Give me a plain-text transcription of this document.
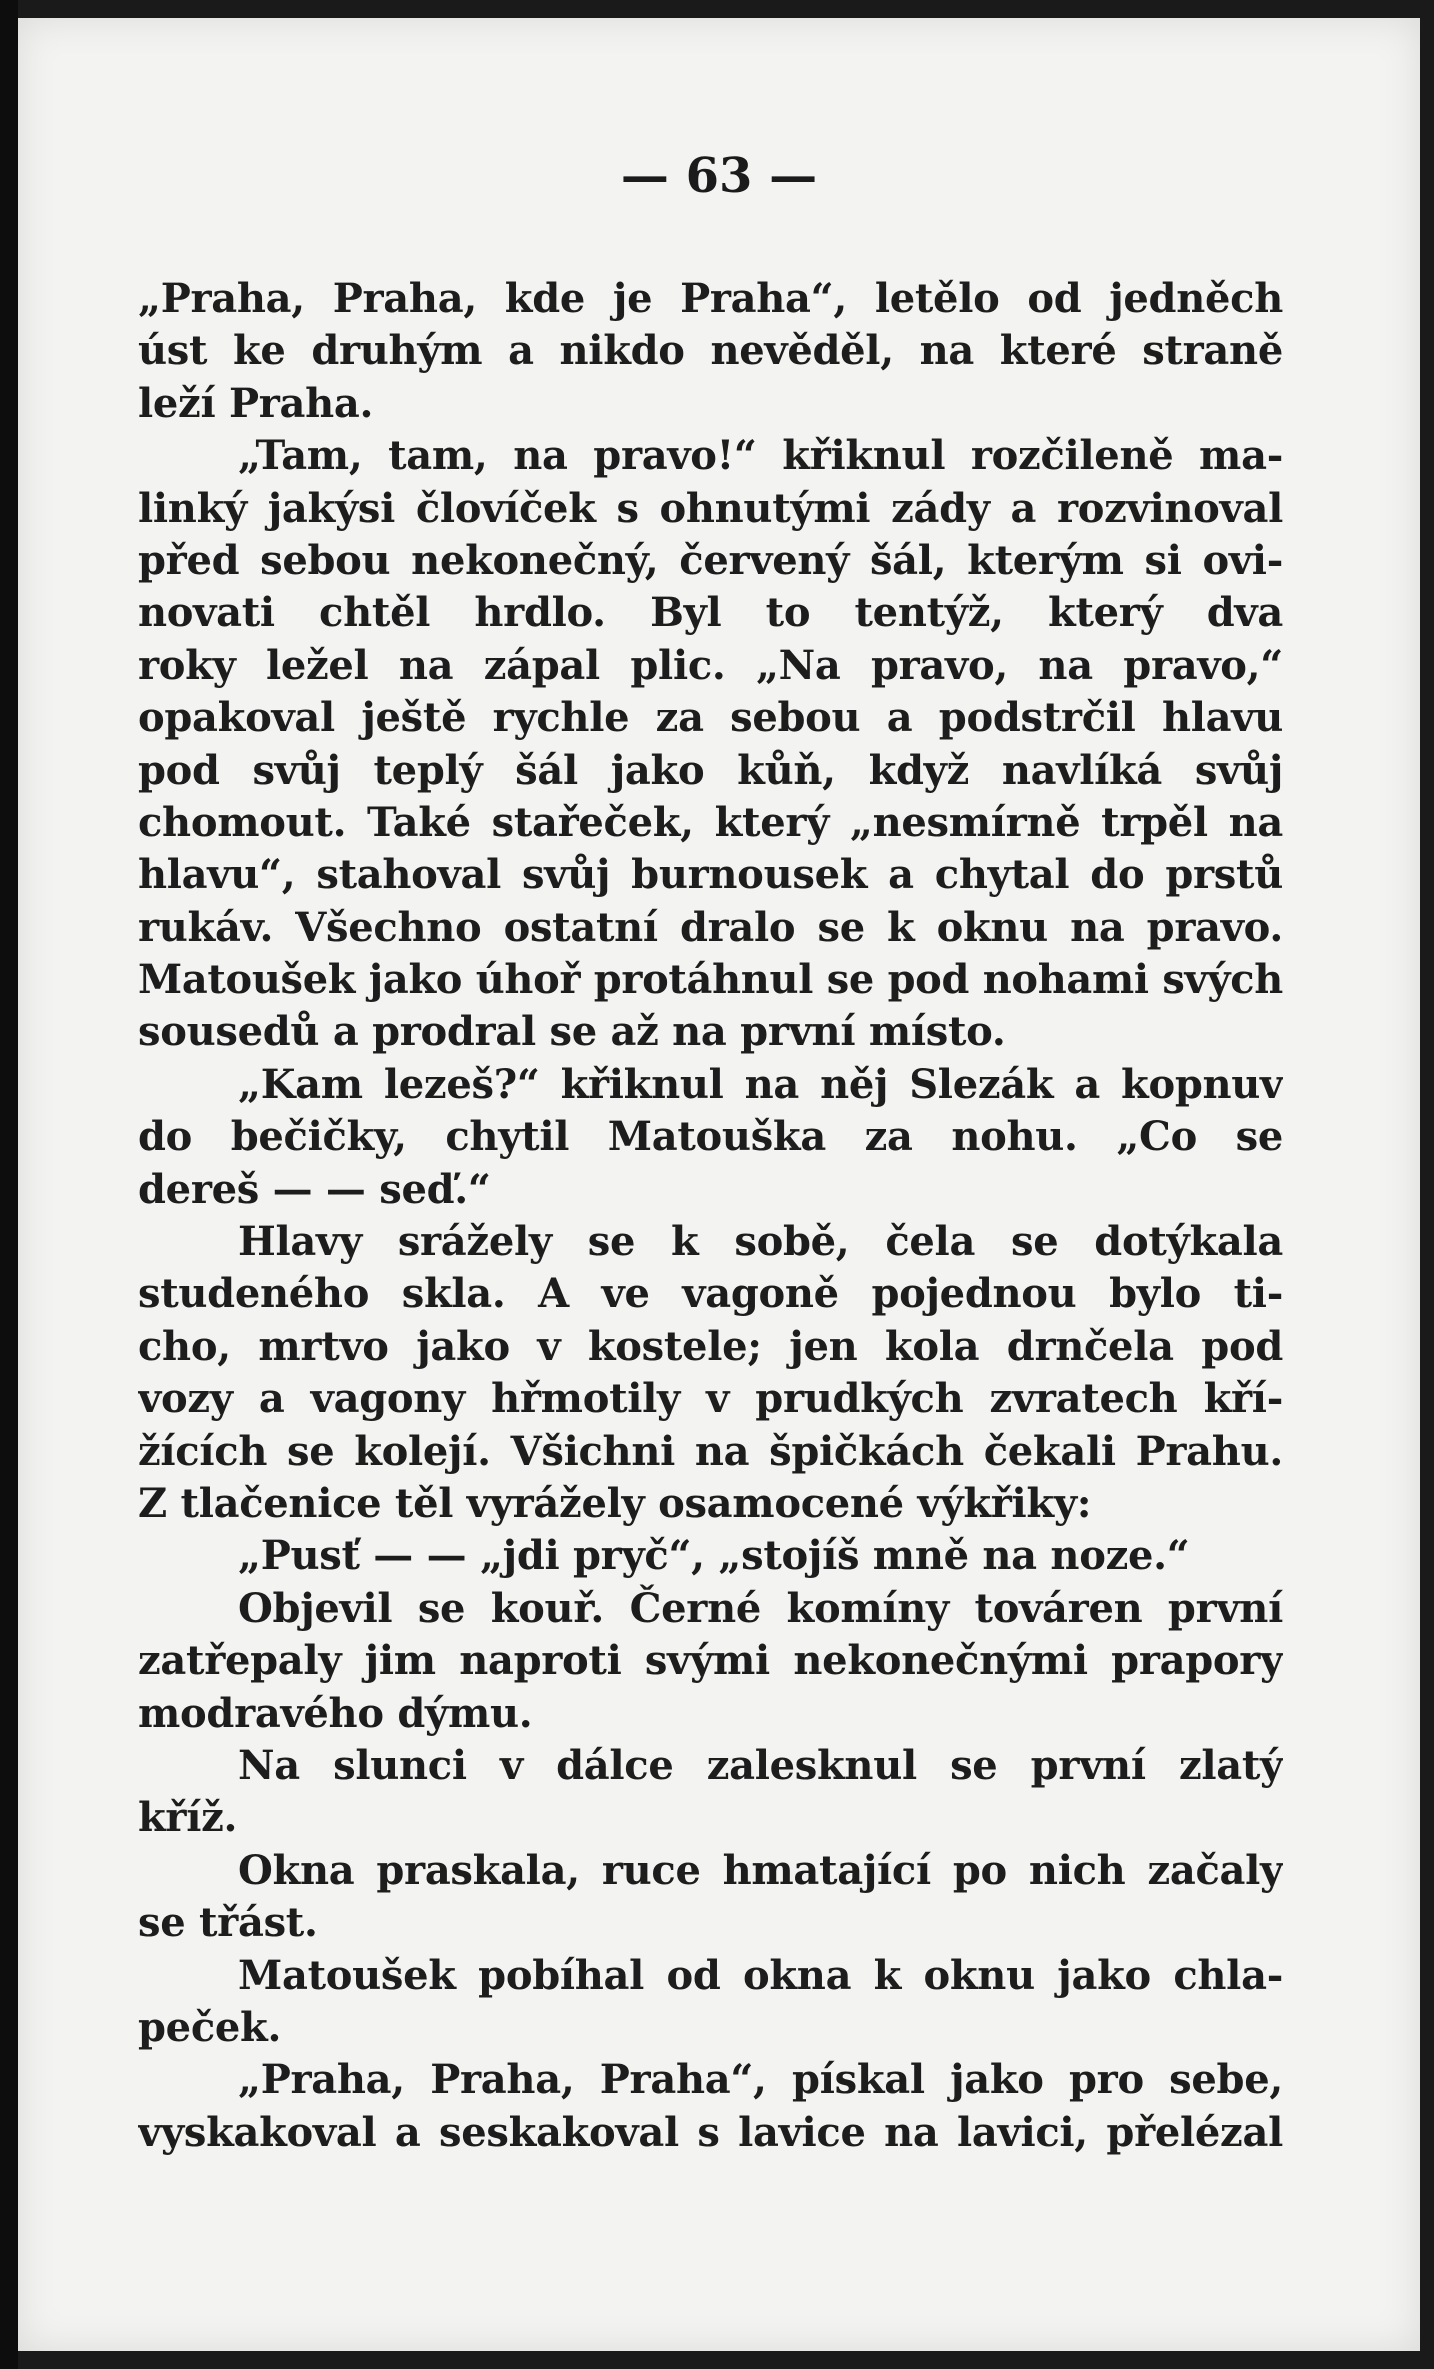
— 63 —
„Praha, Praha, kde je Praha“, letělo od jedněch
úst ke druhým a nikdo nevěděl, na které straně
leží Praha.
„Tam, tam, na pravo!“ křiknul rozčileně ma-
linký jakýsi človíček s ohnutými zády a rozvinoval
před sebou nekonečný, červený šál, kterým si ovi-
novati chtěl hrdlo. Byl to tentýž, který dva
roky ležel na zápal plic. „Na pravo, na pravo,“
opakoval ještě rychle za sebou a podstrčil hlavu
pod svůj teplý šál jako kůň, když navlíká svůj
chomout. Také stařeček, který „nesmírně trpěl na
hlavu“, stahoval svůj burnousek a chytal do prstů
rukáv. Všechno ostatní dralo se k oknu na pravo.
Matoušek jako úhoř protáhnul se pod nohami svých
sousedů a prodral se až na první místo.
„Kam lezeš?“ křiknul na něj Slezák a kopnuv
do bečičky, chytil Matouška za nohu. „Co se
dereš — — seď.“
Hlavy srážely se k sobě, čela se dotýkala
studeného skla. A ve vagoně pojednou bylo ti-
cho, mrtvo jako v kostele; jen kola drnčela pod
vozy a vagony hřmotily v prudkých zvratech kří-
žících se kolejí. Všichni na špičkách čekali Prahu.
Z tlačenice těl vyrážely osamocené výkřiky:
„Pusť — — „jdi pryč“, „stojíš mně na noze.“
Objevil se kouř. Černé komíny továren první
zatřepaly jim naproti svými nekonečnými prapory
modravého dýmu.
Na slunci v dálce zalesknul se první zlatý
kříž.
Okna praskala, ruce hmatající po nich začaly
se třást.
Matoušek pobíhal od okna k oknu jako chla-
peček.
„Praha, Praha, Praha“, pískal jako pro sebe,
vyskakoval a seskakoval s lavice na lavici, přelézal
